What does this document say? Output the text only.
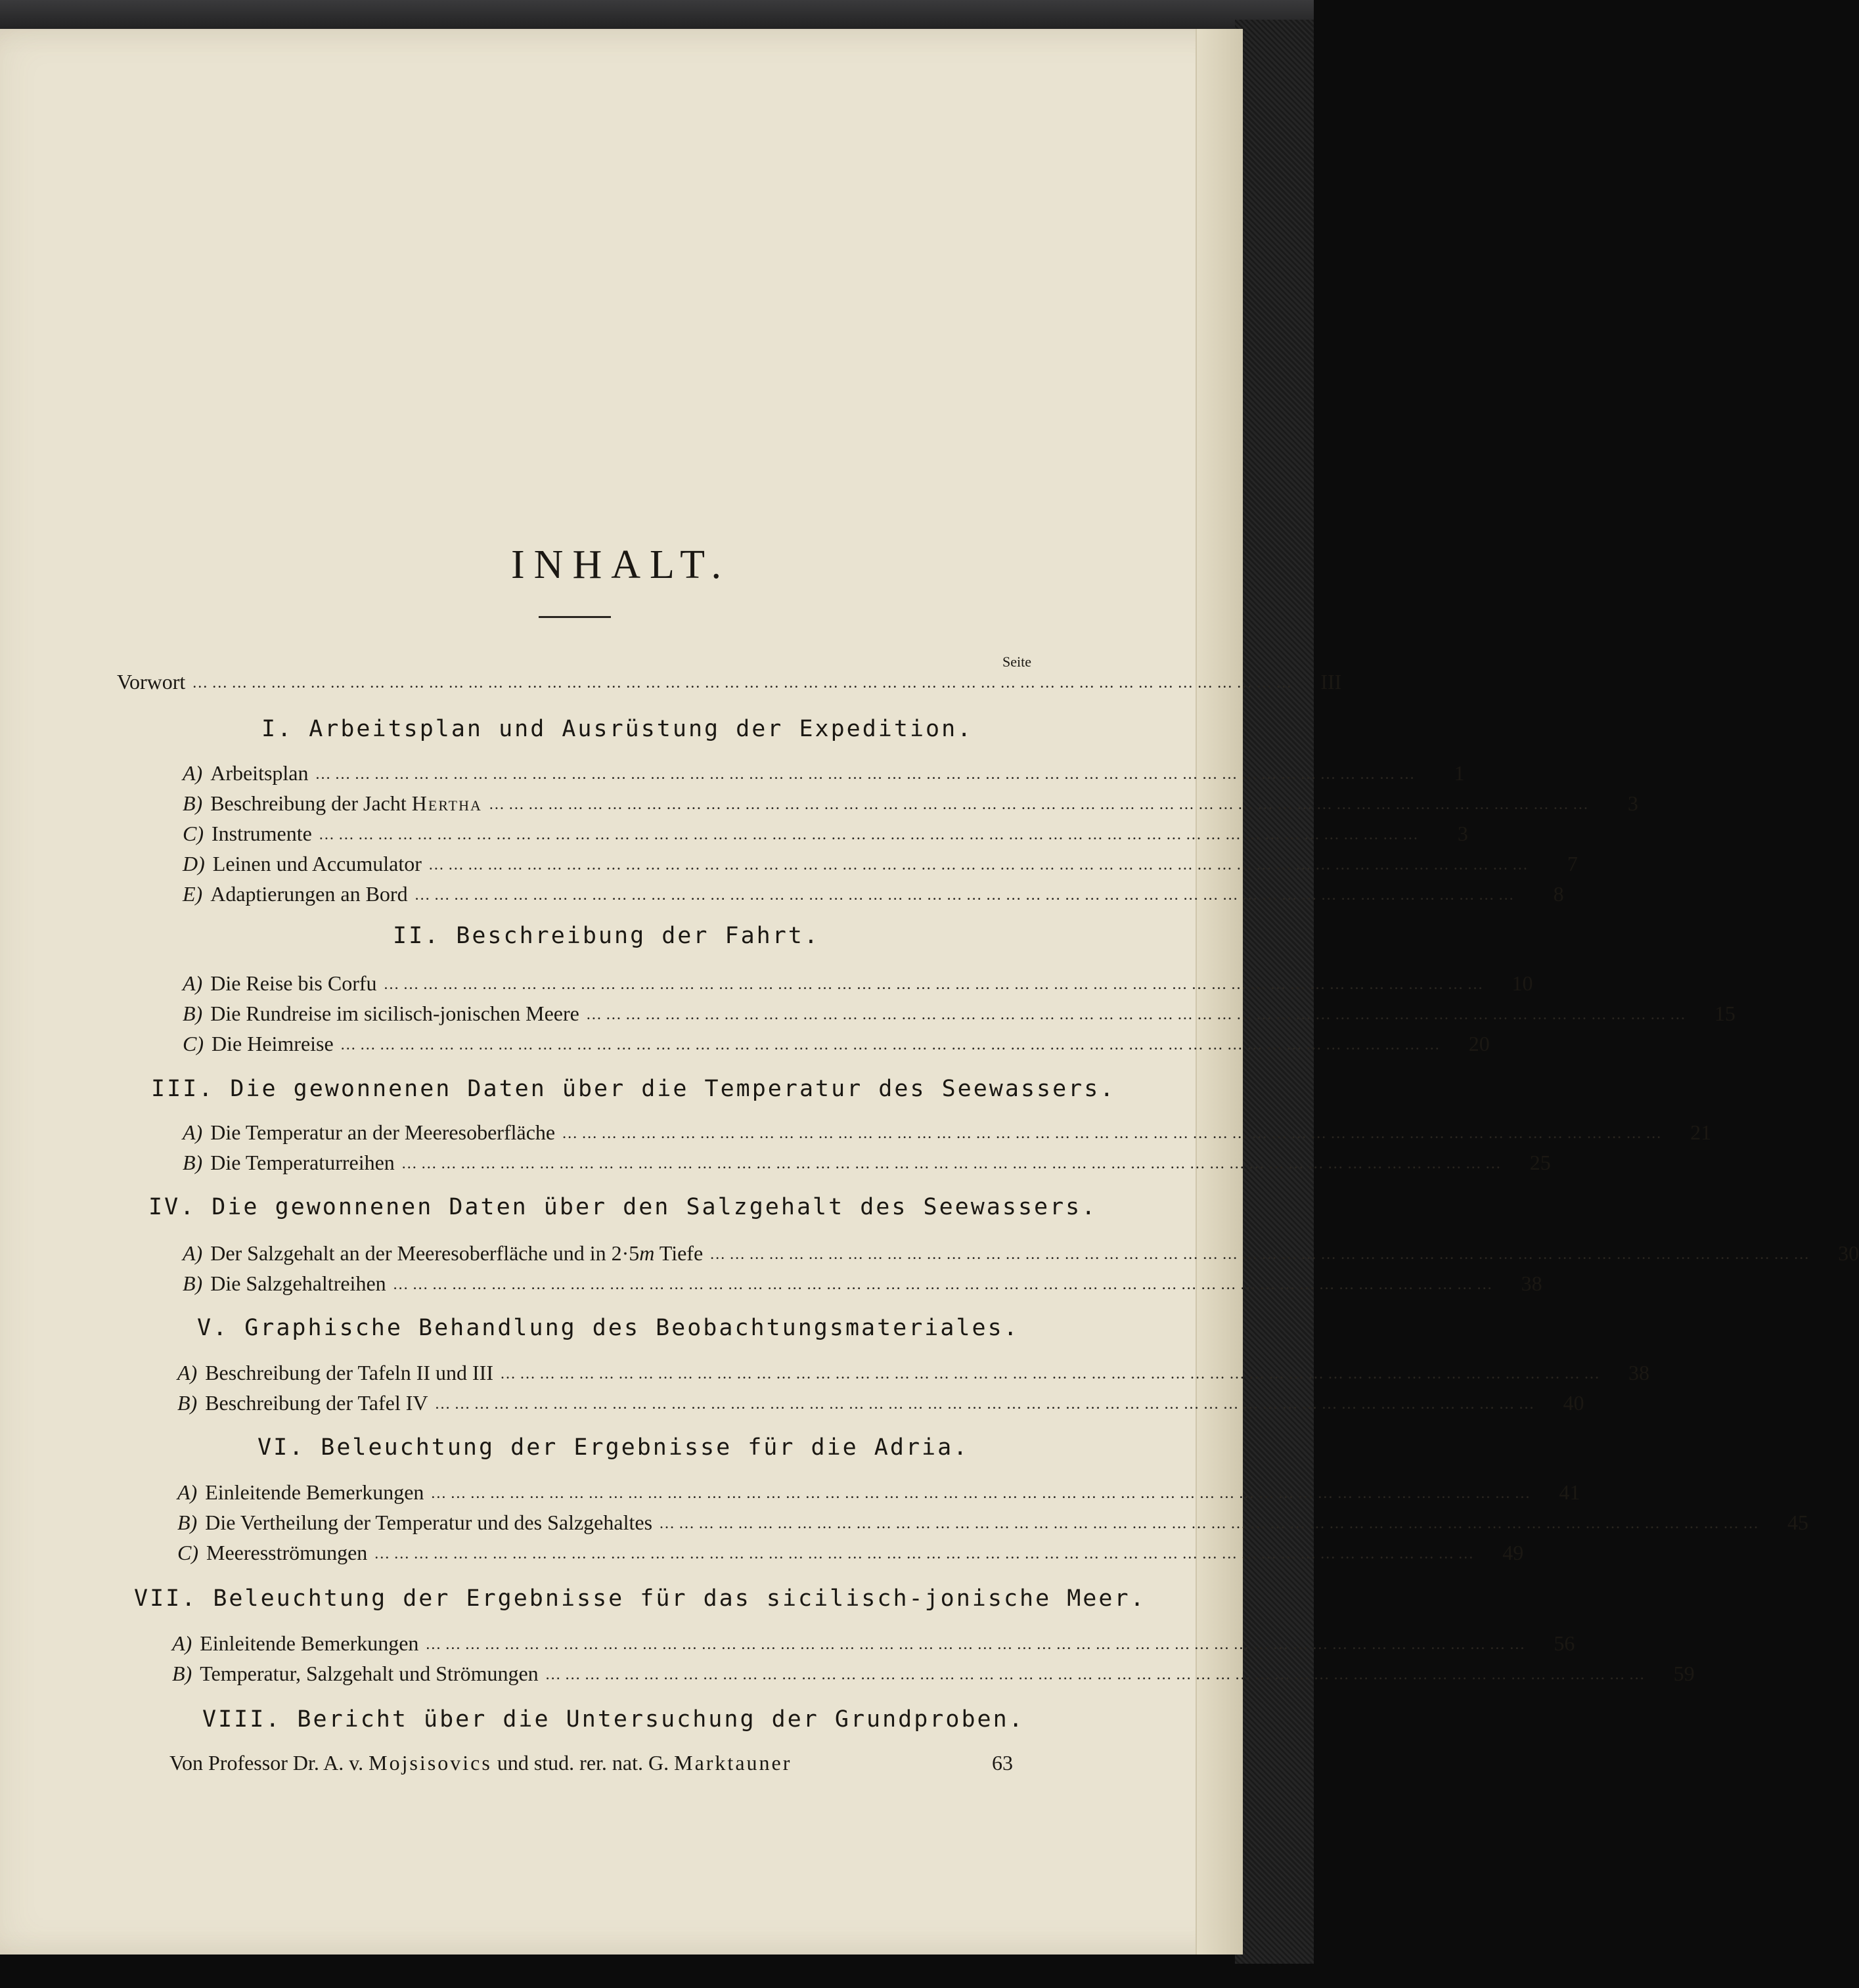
INHALT.
Seite
Vorwort ……………………………………………………………………………………………………………………………………………………	III
I. Arbeitsplan und Ausrüstung der Expedition.
A) Arbeitsplan ……………………………………………………………………………………………………………………………………………………	1
B) Beschreibung der Jacht Hertha ……………………………………………………………………………………………………………………………………………………	3
C) Instrumente ……………………………………………………………………………………………………………………………………………………	3
D) Leinen und Accumulator ……………………………………………………………………………………………………………………………………………………	7
E) Adaptierungen an Bord ……………………………………………………………………………………………………………………………………………………	8
II. Beschreibung der Fahrt.
A) Die Reise bis Corfu ……………………………………………………………………………………………………………………………………………………	10
B) Die Rundreise im sicilisch-jonischen Meere ……………………………………………………………………………………………………………………………………………………	15
C) Die Heimreise ……………………………………………………………………………………………………………………………………………………	20
III. Die gewonnenen Daten über die Temperatur des Seewassers.
A) Die Temperatur an der Meeresoberfläche ……………………………………………………………………………………………………………………………………………………	21
B) Die Temperaturreihen ……………………………………………………………………………………………………………………………………………………	25
IV. Die gewonnenen Daten über den Salzgehalt des Seewassers.
A) Der Salzgehalt an der Meeresoberfläche und in 2·5m Tiefe ……………………………………………………………………………………………………………………………………………………	30
B) Die Salzgehaltreihen ……………………………………………………………………………………………………………………………………………………	38
V. Graphische Behandlung des Beobachtungsmateriales.
A) Beschreibung der Tafeln II und III ……………………………………………………………………………………………………………………………………………………	38
B) Beschreibung der Tafel IV ……………………………………………………………………………………………………………………………………………………	40
VI. Beleuchtung der Ergebnisse für die Adria.
A) Einleitende Bemerkungen ……………………………………………………………………………………………………………………………………………………	41
B) Die Vertheilung der Temperatur und des Salzgehaltes ……………………………………………………………………………………………………………………………………………………	45
C) Meeresströmungen ……………………………………………………………………………………………………………………………………………………	49
VII. Beleuchtung der Ergebnisse für das sicilisch-jonische Meer.
A) Einleitende Bemerkungen ……………………………………………………………………………………………………………………………………………………	56
B) Temperatur, Salzgehalt und Strömungen ……………………………………………………………………………………………………………………………………………………	59
VIII. Bericht über die Untersuchung der Grundproben.
Von Professor Dr. A. v. Mojsisovics und stud. rer. nat. G. Marktauner	63
